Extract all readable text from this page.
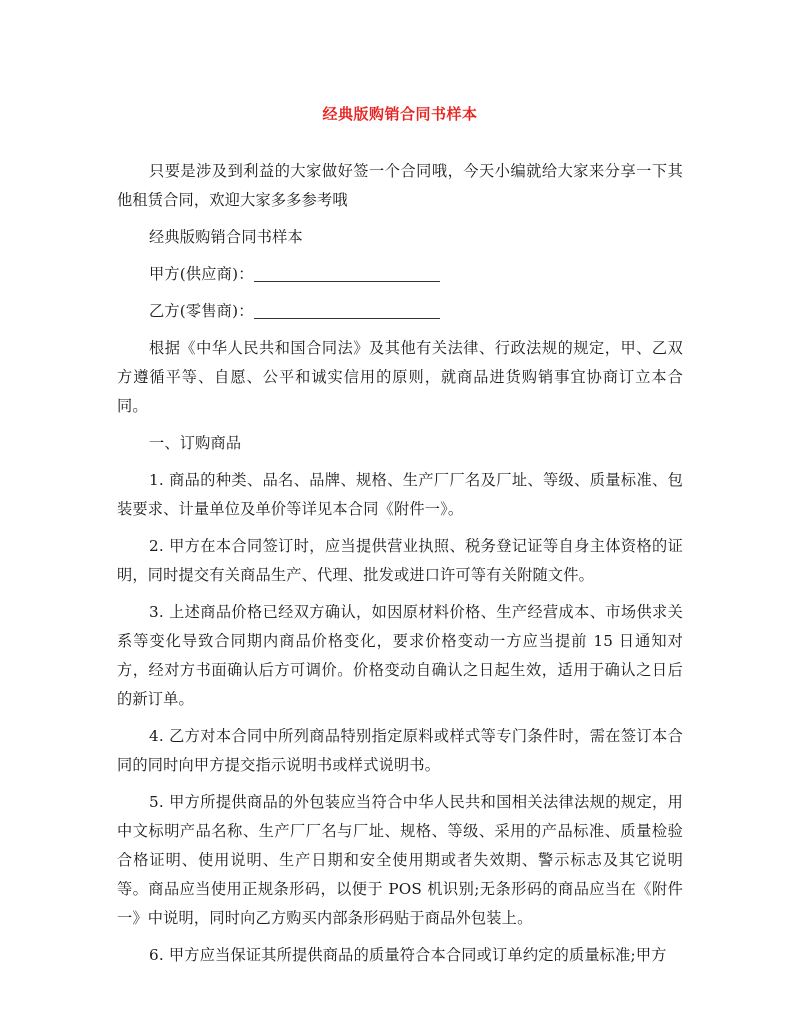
经典版购销合同书样本

只要是涉及到利益的大家做好签一个合同哦，今天小编就给大家来分享一下其他租赁合同，欢迎大家多多参考哦

经典版购销合同书样本

甲方(供应商)：

乙方(零售商)：

根据《中华人民共和国合同法》及其他有关法律、行政法规的规定，甲、乙双方遵循平等、自愿、公平和诚实信用的原则，就商品进货购销事宜协商订立本合同。

一、订购商品

1. 商品的种类、品名、品牌、规格、生产厂厂名及厂址、等级、质量标准、包装要求、计量单位及单价等详见本合同《附件一》。

2. 甲方在本合同签订时，应当提供营业执照、税务登记证等自身主体资格的证明，同时提交有关商品生产、代理、批发或进口许可等有关附随文件。

3. 上述商品价格已经双方确认，如因原材料价格、生产经营成本、市场供求关系等变化导致合同期内商品价格变化，要求价格变动一方应当提前 15 日通知对方，经对方书面确认后方可调价。价格变动自确认之日起生效，适用于确认之日后的新订单。

4. 乙方对本合同中所列商品特别指定原料或样式等专门条件时，需在签订本合同的同时向甲方提交指示说明书或样式说明书。

5. 甲方所提供商品的外包装应当符合中华人民共和国相关法律法规的规定，用中文标明产品名称、生产厂厂名与厂址、规格、等级、采用的产品标准、质量检验合格证明、使用说明、生产日期和安全使用期或者失效期、警示标志及其它说明等。商品应当使用正规条形码，以便于 POS 机识别;无条形码的商品应当在《附件一》中说明，同时向乙方购买内部条形码贴于商品外包装上。

6. 甲方应当保证其所提供商品的质量符合本合同或订单约定的质量标准;甲方
